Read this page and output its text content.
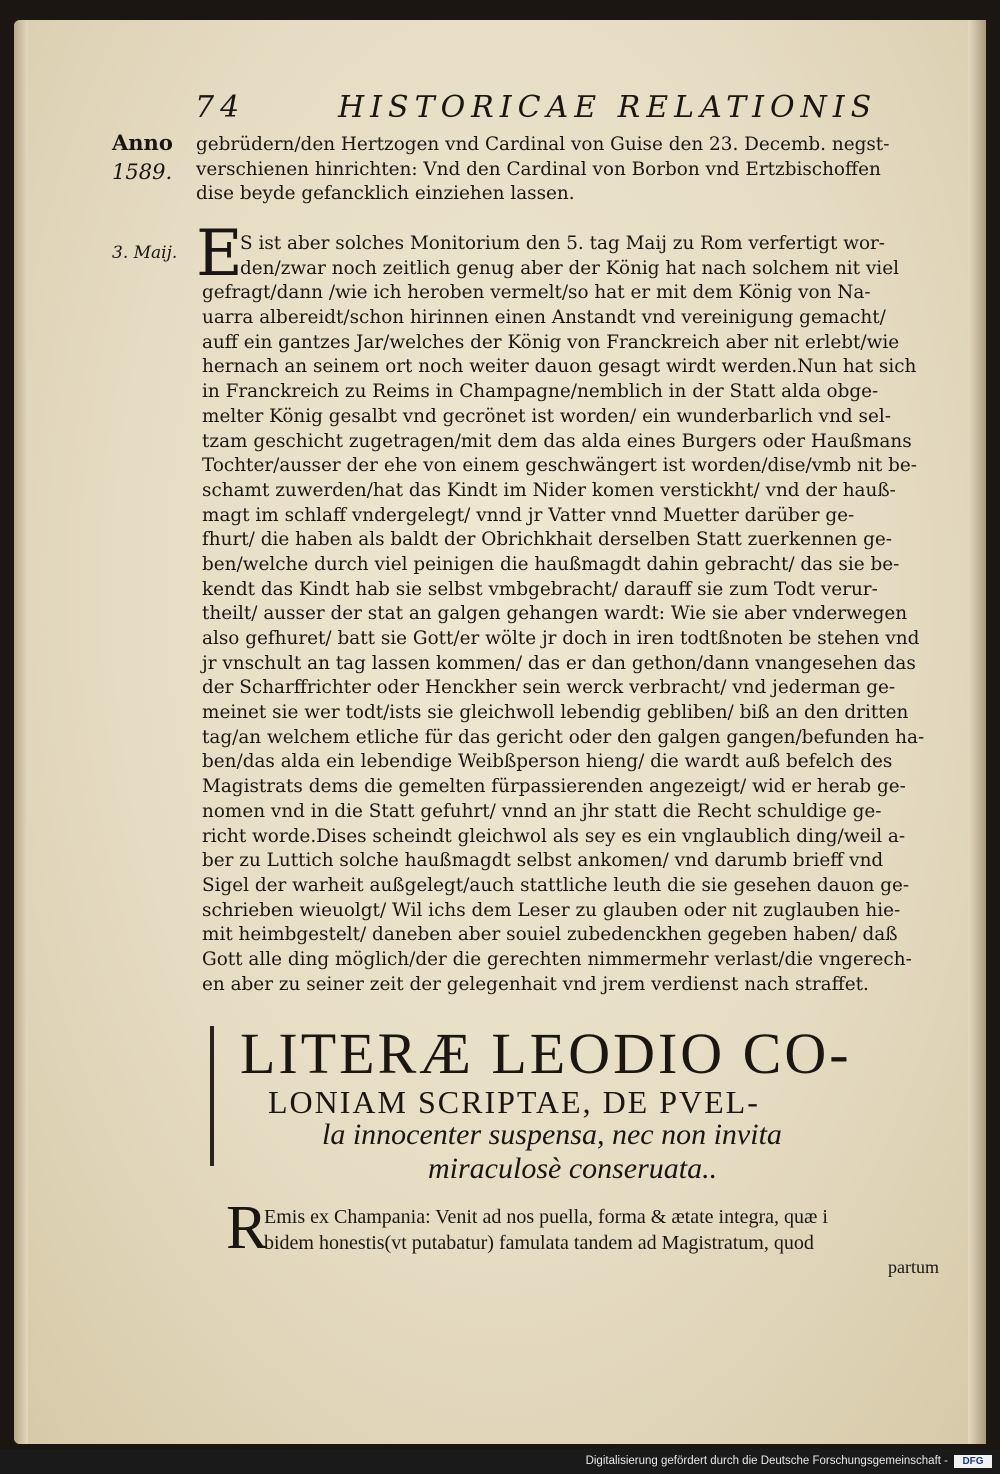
74	HISTORICAE RELATIONIS
Anno
1589.
3. Maij.
gebrüdern/den Hertzogen vnd Cardinal von Guise den 23. Decemb. negst-
verschienen hinrichten: Vnd den Cardinal von Borbon vnd Ertzbischoffen
dise beyde gefancklich einziehen lassen.
E
S ist aber solches Monitorium den 5. tag Maij zu Rom verfertigt wor-
den/zwar noch zeitlich genug aber der König hat nach solchem nit viel
gefragt/dann /wie ich heroben vermelt/so hat er mit dem König von Na-
uarra albereidt/schon hirinnen einen Anstandt vnd vereinigung gemacht/
auff ein gantzes Jar/welches der König von Franckreich aber nit erlebt/wie
hernach an seinem ort noch weiter dauon gesagt wirdt werden.Nun hat sich
in Franckreich zu Reims in Champagne/nemblich in der Statt alda obge-
melter König gesalbt vnd gecrönet ist worden/ ein wunderbarlich vnd sel-
tzam geschicht zugetragen/mit dem das alda eines Burgers oder Haußmans
Tochter/ausser der ehe von einem geschwängert ist worden/dise/vmb nit be-
schamt zuwerden/hat das Kindt im Nider komen verstickht/ vnd der hauß-
magt im schlaff vndergelegt/ vnnd jr Vatter vnnd Muetter darüber ge-
fhurt/ die haben als baldt der Obrichkhait derselben Statt zuerkennen ge-
ben/welche durch viel peinigen die haußmagdt dahin gebracht/ das sie be-
kendt das Kindt hab sie selbst vmbgebracht/ darauff sie zum Todt verur-
theilt/ ausser der stat an galgen gehangen wardt: Wie sie aber vnderwegen
also gefhuret/ batt sie Gott/er wölte jr doch in iren todtßnoten be stehen vnd
jr vnschult an tag lassen kommen/ das er dan gethon/dann vnangesehen das
der Scharffrichter oder Henckher sein werck verbracht/ vnd jederman ge-
meinet sie wer todt/ists sie gleichwoll lebendig gebliben/ biß an den dritten
tag/an welchem etliche für das gericht oder den galgen gangen/befunden ha-
ben/das alda ein lebendige Weibßperson hieng/ die wardt auß befelch des
Magistrats dems die gemelten fürpassierenden angezeigt/ wid er herab ge-
nomen vnd in die Statt gefuhrt/ vnnd an jhr statt die Recht schuldige ge-
richt worde.Dises scheindt gleichwol als sey es ein vnglaublich ding/weil a-
ber zu Luttich solche haußmagdt selbst ankomen/ vnd darumb brieff vnd
Sigel der warheit außgelegt/auch stattliche leuth die sie gesehen dauon ge-
schrieben wieuolgt/ Wil ichs dem Leser zu glauben oder nit zuglauben hie-
mit heimbgestelt/ daneben aber souiel zubedenckhen gegeben haben/ daß
Gott alle ding möglich/der die gerechten nimmermehr verlast/die vngerech-
en aber zu seiner zeit der gelegenhait vnd jrem verdienst nach straffet.
LITERÆ LEODIO CO-
LONIAM SCRIPTAE, DE PVEL-
la innocenter suspensa, nec non invita
miraculosè conseruata..
R
Emis ex Champania: Venit ad nos puella, forma & ætate integra, quæ i
bidem honestis(vt putabatur) famulata tandem ad Magistratum, quod
partum
Digitalisierung gefördert durch die Deutsche Forschungsgemeinschaft -	DFG
